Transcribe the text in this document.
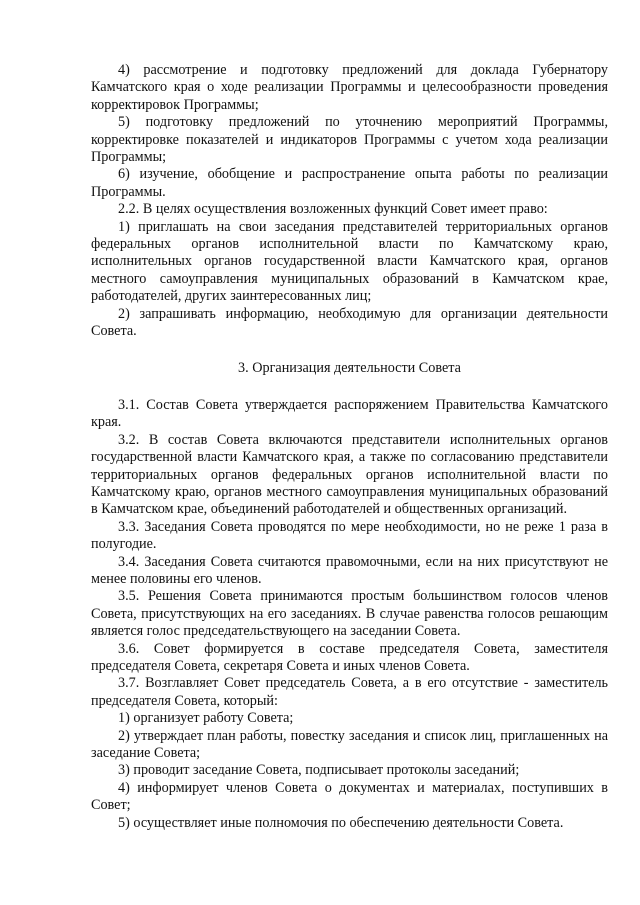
4) рассмотрение и подготовку предложений для доклада Губернатору Камчатского края о ходе реализации Программы и целесообразности проведения корректировок Программы;

5) подготовку предложений по уточнению мероприятий Программы, корректировке показателей и индикаторов Программы с учетом хода реализации Программы;

6) изучение, обобщение и распространение опыта работы по реализации Программы.

2.2. В целях осуществления возложенных функций Совет имеет право:

1) приглашать на свои заседания представителей территориальных органов федеральных органов исполнительной власти по Камчатскому краю, исполнительных органов государственной власти Камчатского края, органов местного самоуправления муниципальных образований в Камчатском крае, работодателей, других заинтересованных лиц;

2) запрашивать информацию, необходимую для организации деятельности Совета.

3. Организация деятельности Совета

3.1. Состав Совета утверждается распоряжением Правительства Камчатского края.

3.2. В состав Совета включаются представители исполнительных органов государственной власти Камчатского края, а также по согласованию представители территориальных органов федеральных органов исполнительной власти по Камчатскому краю, органов местного самоуправления муниципальных образований в Камчатском крае, объединений работодателей и общественных организаций.

3.3. Заседания Совета проводятся по мере необходимости, но не реже 1 раза в полугодие.

3.4. Заседания Совета считаются правомочными, если на них присутствуют не менее половины его членов.

3.5. Решения Совета принимаются простым большинством голосов членов Совета, присутствующих на его заседаниях. В случае равенства голосов решающим является голос председательствующего на заседании Совета.

3.6. Совет формируется в составе председателя Совета, заместителя председателя Совета, секретаря Совета и иных членов Совета.

3.7. Возглавляет Совет председатель Совета, а в его отсутствие - заместитель председателя Совета, который:

1) организует работу Совета;

2) утверждает план работы, повестку заседания и список лиц, приглашенных на заседание Совета;

3) проводит заседание Совета, подписывает протоколы заседаний;

4) информирует членов Совета о документах и материалах, поступивших в Совет;

5) осуществляет иные полномочия по обеспечению деятельности Совета.
